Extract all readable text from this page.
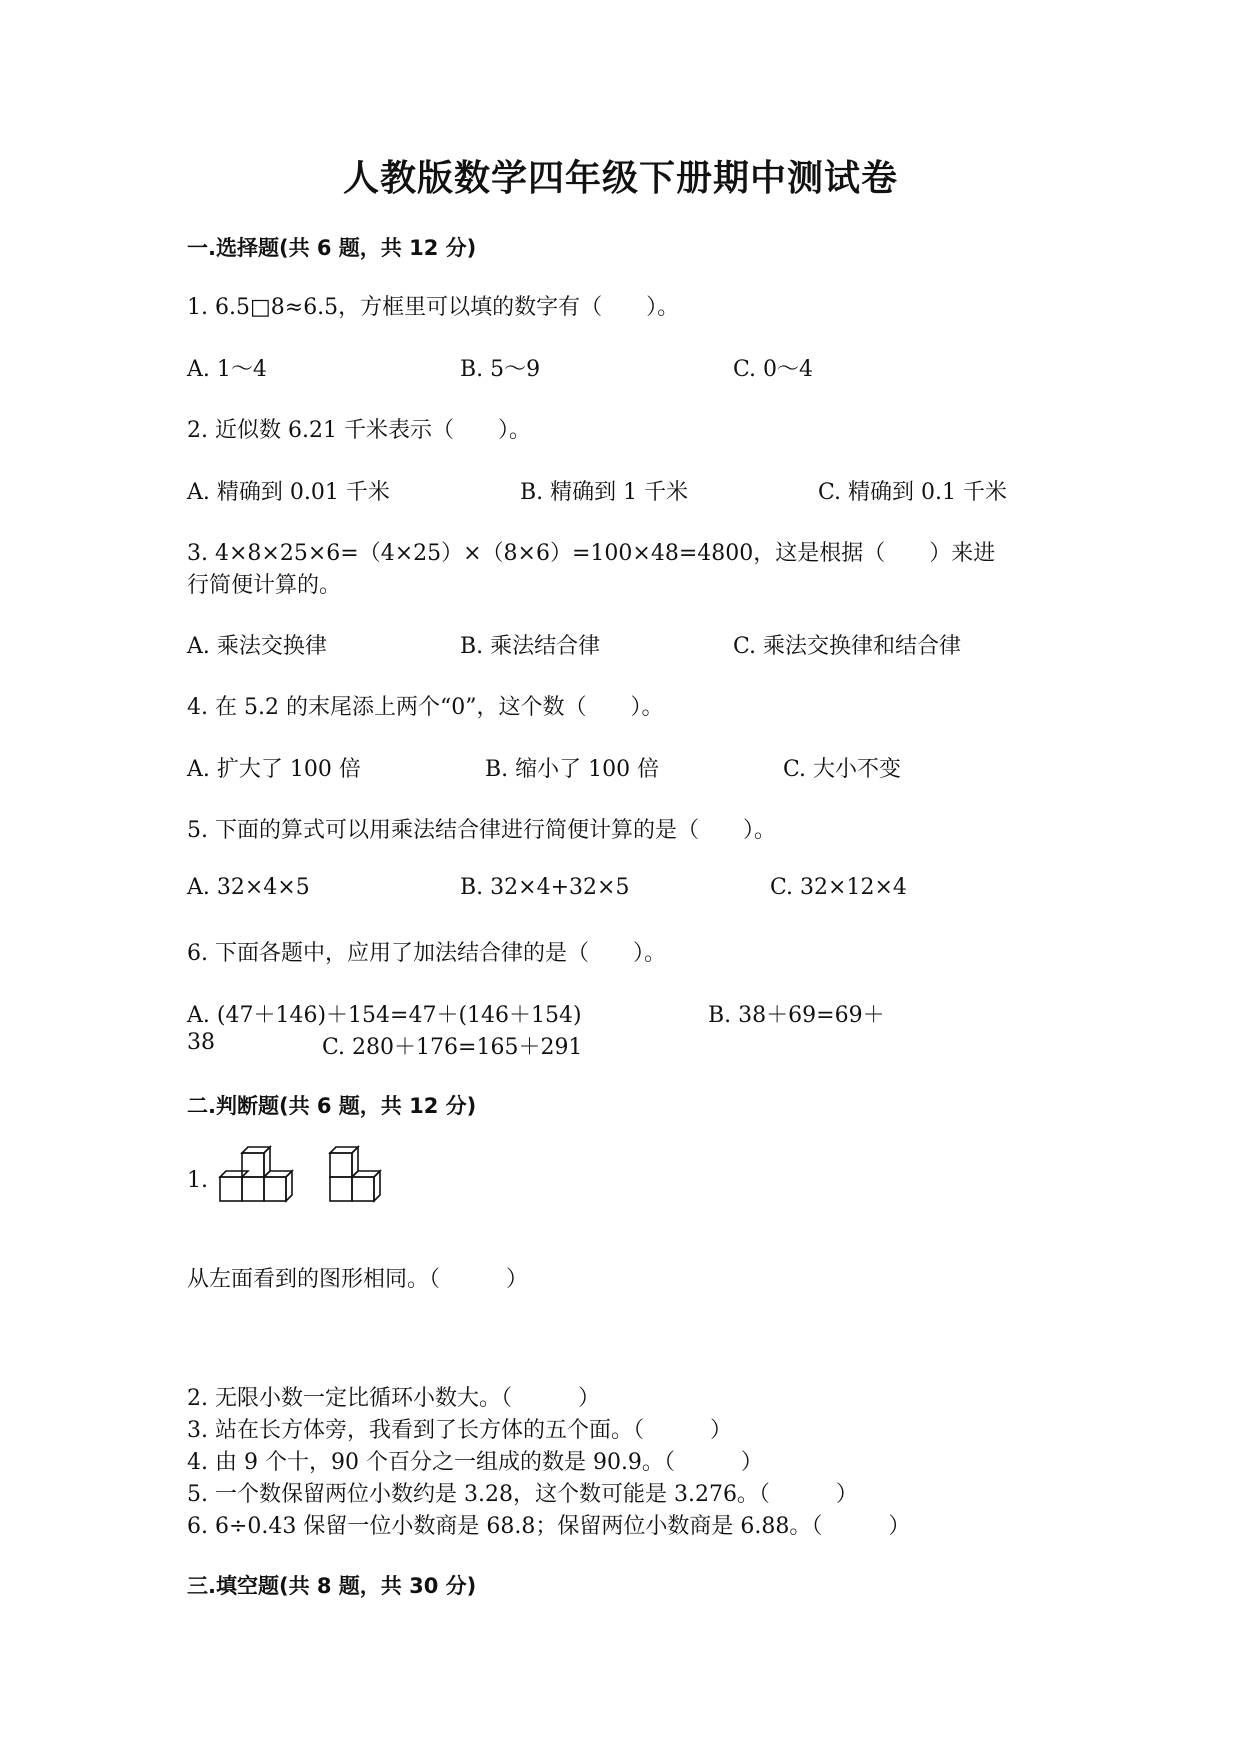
人教版数学四年级下册期中测试卷
一.选择题(共 6 题，共 12 分)
1. 6.5□8≈6.5，方框里可以填的数字有（　　）。
A. 1～4	B. 5～9	C. 0～4
2. 近似数 6.21 千米表示（　　）。
A. 精确到 0.01 千米	B. 精确到 1 千米	C. 精确到 0.1 千米
3. 4×8×25×6=（4×25）×（8×6）=100×48=4800，这是根据（　　）来进
行简便计算的。
A. 乘法交换律	B. 乘法结合律	C. 乘法交换律和结合律
4. 在 5.2 的末尾添上两个“0”，这个数（　　）。
A. 扩大了 100 倍	B. 缩小了 100 倍	C. 大小不变
5. 下面的算式可以用乘法结合律进行简便计算的是（　　）。
A. 32×4×5	B. 32×4+32×5	C. 32×12×4
6. 下面各题中，应用了加法结合律的是（　　）。
A. (47＋146)＋154=47＋(146＋154)	B. 38＋69=69＋
38	C. 280＋176=165＋291
二.判断题(共 6 题，共 12 分)
1.
从左面看到的图形相同。（　　　）
2. 无限小数一定比循环小数大。（　　　）
3. 站在长方体旁，我看到了长方体的五个面。（　　　）
4. 由 9 个十，90 个百分之一组成的数是 90.9。（　　　）
5. 一个数保留两位小数约是 3.28，这个数可能是 3.276。（　　　）
6. 6÷0.43 保留一位小数商是 68.8；保留两位小数商是 6.88。（　　　）
三.填空题(共 8 题，共 30 分)
